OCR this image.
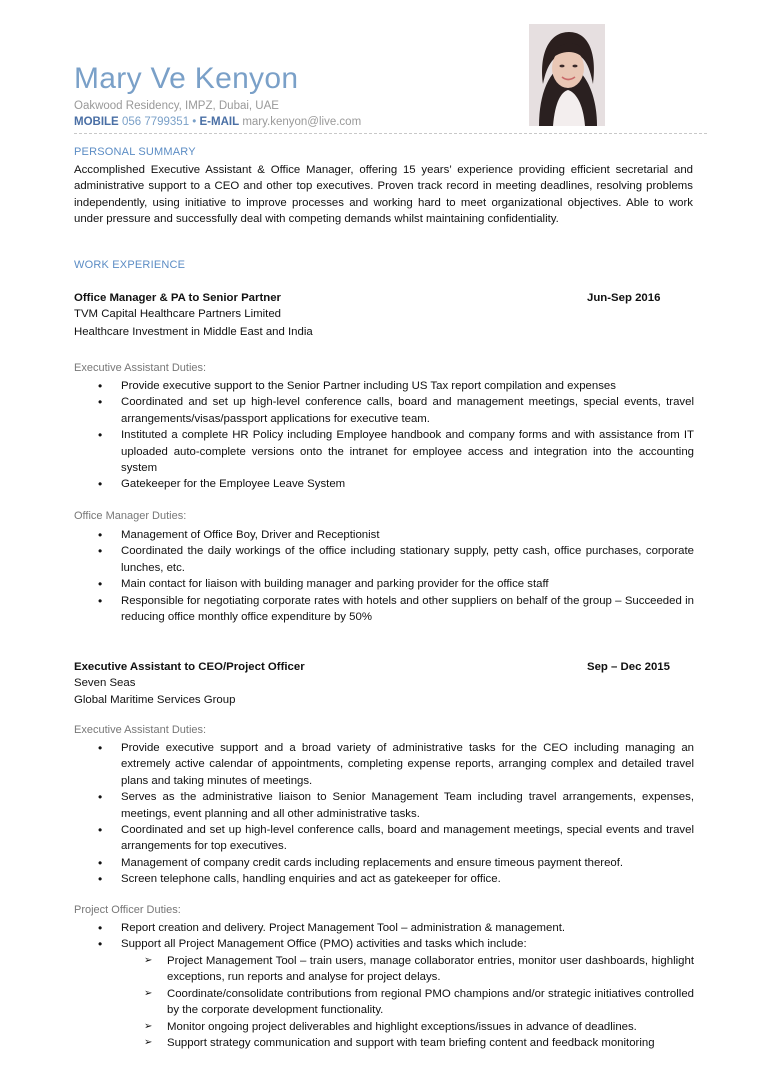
Mary Ve Kenyon
Oakwood Residency, IMPZ, Dubai, UAE
MOBILE 056 7799351 • E-MAIL mary.kenyon@live.com
PERSONAL SUMMARY
Accomplished Executive Assistant & Office Manager, offering 15 years’ experience providing efficient secretarial and administrative support to a CEO and other top executives. Proven track record in meeting deadlines, resolving problems independently, using initiative to improve processes and working hard to meet organizational objectives. Able to work under pressure and successfully deal with competing demands whilst maintaining confidentiality.
WORK EXPERIENCE
Office Manager & PA to Senior Partner	Jun-Sep 2016
TVM Capital Healthcare Partners Limited
Healthcare Investment in Middle East and India
Executive Assistant Duties:
• Provide executive support to the Senior Partner including US Tax report compilation and expenses
• Coordinated and set up high-level conference calls, board and management meetings, special events, travel arrangements/visas/passport applications for executive team.
• Instituted a complete HR Policy including Employee handbook and company forms and with assistance from IT uploaded auto-complete versions onto the intranet for employee access and integration into the accounting system
• Gatekeeper for the Employee Leave System
Office Manager Duties:
• Management of Office Boy, Driver and Receptionist
• Coordinated the daily workings of the office including stationary supply, petty cash, office purchases, corporate lunches, etc.
• Main contact for liaison with building manager and parking provider for the office staff
• Responsible for negotiating corporate rates with hotels and other suppliers on behalf of the group – Succeeded in reducing office monthly office expenditure by 50%
Executive Assistant to CEO/Project Officer	Sep – Dec 2015
Seven Seas
Global Maritime Services Group
Executive Assistant Duties:
• Provide executive support and a broad variety of administrative tasks for the CEO including managing an extremely active calendar of appointments, completing expense reports, arranging complex and detailed travel plans and taking minutes of meetings.
• Serves as the administrative liaison to Senior Management Team including travel arrangements, expenses, meetings, event planning and all other administrative tasks.
• Coordinated and set up high-level conference calls, board and management meetings, special events and travel arrangements for top executives.
• Management of company credit cards including replacements and ensure timeous payment thereof.
• Screen telephone calls, handling enquiries and act as gatekeeper for office.
Project Officer Duties:
• Report creation and delivery. Project Management Tool – administration & management.
• Support all Project Management Office (PMO) activities and tasks which include:
➢ Project Management Tool – train users, manage collaborator entries, monitor user dashboards, highlight exceptions, run reports and analyse for project delays.
➢ Coordinate/consolidate contributions from regional PMO champions and/or strategic initiatives controlled by the corporate development functionality.
➢ Monitor ongoing project deliverables and highlight exceptions/issues in advance of deadlines.
➢ Support strategy communication and support with team briefing content and feedback monitoring
